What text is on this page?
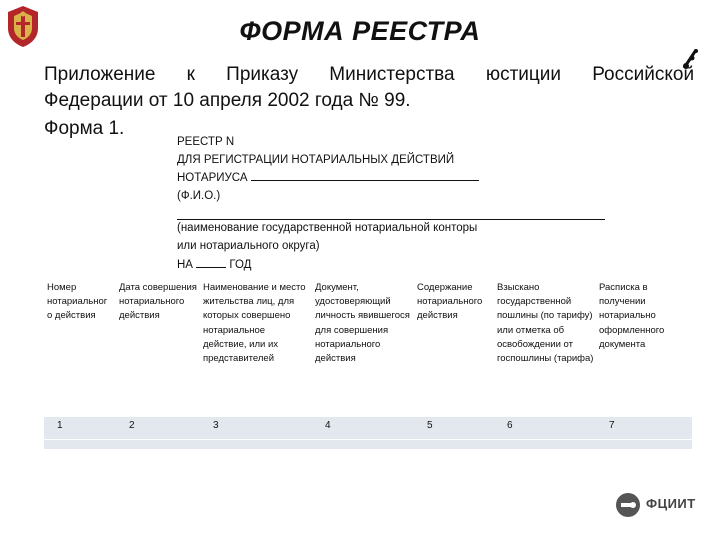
ФОРМА РЕЕСТРА
Приложение к Приказу Министерства юстиции Российской
Федерации от 10 апреля 2002 года № 99.
Форма 1.
РЕЕСТР N
ДЛЯ РЕГИСТРАЦИИ НОТАРИАЛЬНЫХ ДЕЙСТВИЙ
НОТАРИУСА
(Ф.И.О.)
(наименование государственной нотариальной конторы
или нотариального округа)
НА	ГОД
Номер нотариальног о действия	Дата совершения нотариального действия	Наименование и место жительства лиц, для которых совершено нотариальное действие, или их представителей	Документ, удостоверяющий личность явившегося для совершения нотариального действия	Содержание нотариального действия	Взыскано государственной пошлины (по тарифу) или отметка об освобождении от госпошлины (тарифа)	Расписка в получении нотариально оформленного документа
1	2	3	4	5	6	7

ФЦИИТ
